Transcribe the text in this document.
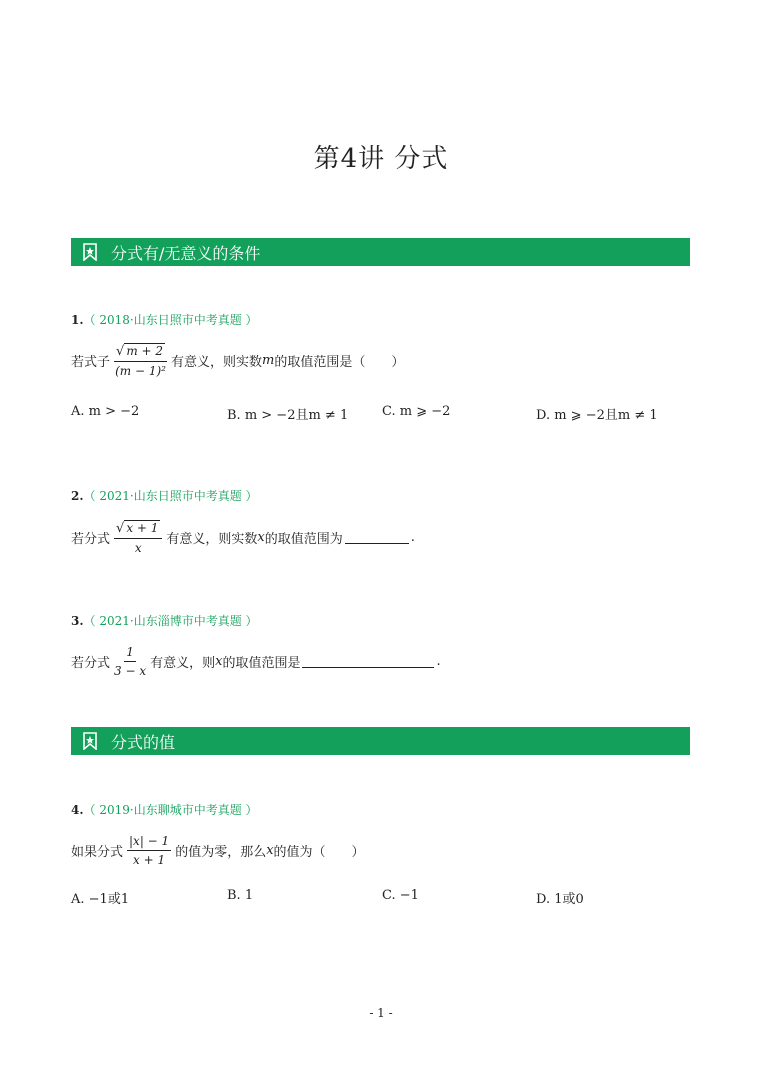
第4讲 分式
分式有/无意义的条件
1.（ 2018·山东日照市中考真题 ）
若式子 $\frac{√ m + 2}{\text{(m − 1)²}}$ 有意义，则实数 m 的取值范围是（　　）
A. m > −2	B. m > −2且m ≠ 1	C. m ⩾ −2	D. m ⩾ −2且m ≠ 1
2.（ 2021·山东日照市中考真题 ）
若分式 $\frac{√ x + 1}{x}$ 有意义，则实数 x 的取值范围为	.
3.（ 2021·山东淄博市中考真题 ）
若分式 $\frac{1}{3 - x}$ 有意义，则 x 的取值范围是	.
分式的值
4.（ 2019·山东聊城市中考真题 ）
如果分式 $\frac{|x| - 1}{x + 1}$ 的值为零，那么 x 的值为（　　）
A. −1或1	B. 1	C. −1	D. 1或0
- 1 -
